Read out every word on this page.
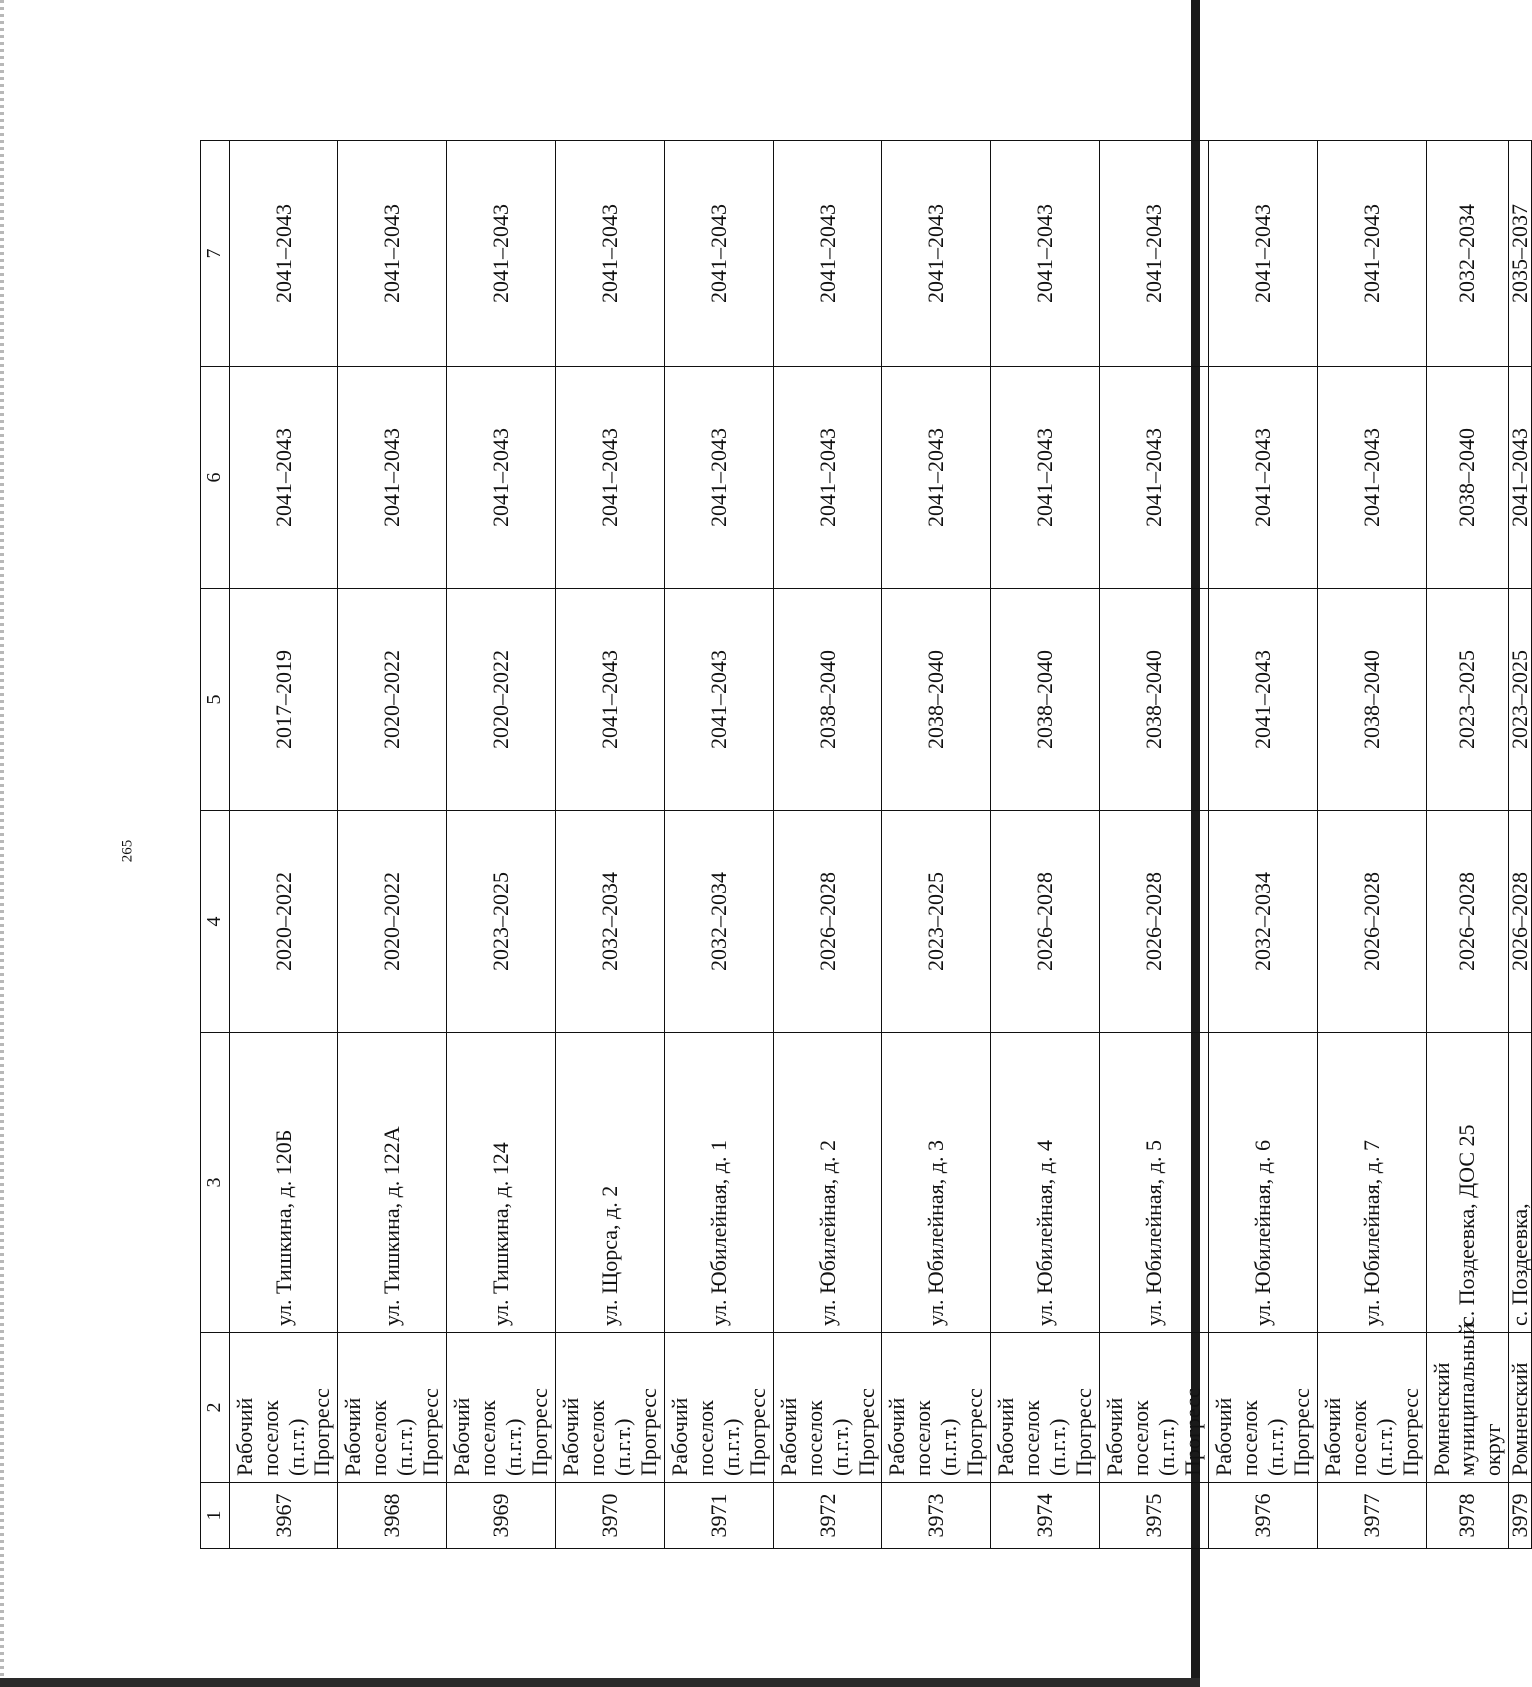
265
1	2	3	4	5	6	7
3967	Рабочий поселок (п.г.т.) Прогресс	ул. Тишкина, д. 120Б	2020–2022	2017–2019	2041–2043	2041–2043
3968	Рабочий поселок (п.г.т.) Прогресс	ул. Тишкина, д. 122А	2020–2022	2020–2022	2041–2043	2041–2043
3969	Рабочий поселок (п.г.т.) Прогресс	ул. Тишкина, д. 124	2023–2025	2020–2022	2041–2043	2041–2043
3970	Рабочий поселок (п.г.т.) Прогресс	ул. Щорса, д. 2	2032–2034	2041–2043	2041–2043	2041–2043
3971	Рабочий поселок (п.г.т.) Прогресс	ул. Юбилейная, д. 1	2032–2034	2041–2043	2041–2043	2041–2043
3972	Рабочий поселок (п.г.т.) Прогресс	ул. Юбилейная, д. 2	2026–2028	2038–2040	2041–2043	2041–2043
3973	Рабочий поселок (п.г.т.) Прогресс	ул. Юбилейная, д. 3	2023–2025	2038–2040	2041–2043	2041–2043
3974	Рабочий поселок (п.г.т.) Прогресс	ул. Юбилейная, д. 4	2026–2028	2038–2040	2041–2043	2041–2043
3975	Рабочий поселок (п.г.т.) Прогресс	ул. Юбилейная, д. 5	2026–2028	2038–2040	2041–2043	2041–2043
3976	Рабочий поселок (п.г.т.) Прогресс	ул. Юбилейная, д. 6	2032–2034	2041–2043	2041–2043	2041–2043
3977	Рабочий поселок (п.г.т.) Прогресс	ул. Юбилейная, д. 7	2026–2028	2038–2040	2041–2043	2041–2043
3978	Ромненский муниципальный округ	с. Поздеевка, ДОС 25	2026–2028	2023–2025	2038–2040	2032–2034
3979	Ромненский	с. Поздеевка,	2026–2028	2023–2025	2041–2043	2035–2037
